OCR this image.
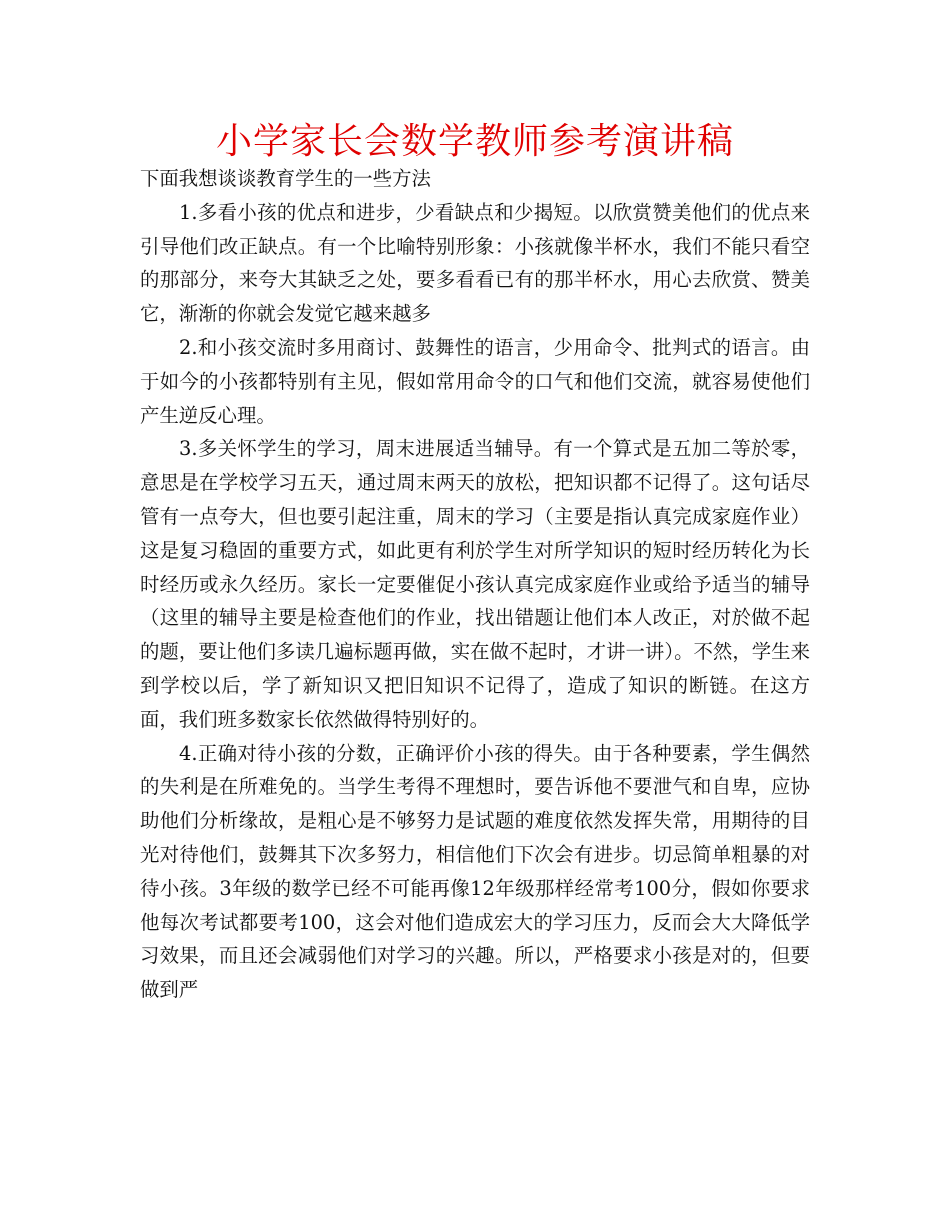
小学家长会数学教师参考演讲稿

下面我想谈谈教育学生的一些方法

1.多看小孩的优点和进步，少看缺点和少揭短。以欣赏赞美他们的优点来引导他们改正缺点。有一个比喻特别形象：小孩就像半杯水，我们不能只看空的那部分，来夸大其缺乏之处，要多看看已有的那半杯水，用心去欣赏、赞美它，渐渐的你就会发觉它越来越多

2.和小孩交流时多用商讨、鼓舞性的语言，少用命令、批判式的语言。由于如今的小孩都特别有主见，假如常用命令的口气和他们交流，就容易使他们产生逆反心理。

3.多关怀学生的学习，周末进展适当辅导。有一个算式是五加二等於零，意思是在学校学习五天，通过周末两天的放松，把知识都不记得了。这句话尽管有一点夸大，但也要引起注重，周末的学习（主要是指认真完成家庭作业）这是复习稳固的重要方式，如此更有利於学生对所学知识的短时经历转化为长时经历或永久经历。家长一定要催促小孩认真完成家庭作业或给予适当的辅导（这里的辅导主要是检查他们的作业，找出错题让他们本人改正，对於做不起的题，要让他们多读几遍标题再做，实在做不起时，才讲一讲）。不然，学生来到学校以后，学了新知识又把旧知识不记得了，造成了知识的断链。在这方面，我们班多数家长依然做得特别好的。

4.正确对待小孩的分数，正确评价小孩的得失。由于各种要素，学生偶然的失利是在所难免的。当学生考得不理想时，要告诉他不要泄气和自卑，应协助他们分析缘故，是粗心是不够努力是试题的难度依然发挥失常，用期待的目光对待他们，鼓舞其下次多努力，相信他们下次会有进步。切忌简单粗暴的对待小孩。3年级的数学已经不可能再像12年级那样经常考100分，假如你要求他每次考试都要考100，这会对他们造成宏大的学习压力，反而会大大降低学习效果，而且还会减弱他们对学习的兴趣。所以，严格要求小孩是对的，但要做到严
